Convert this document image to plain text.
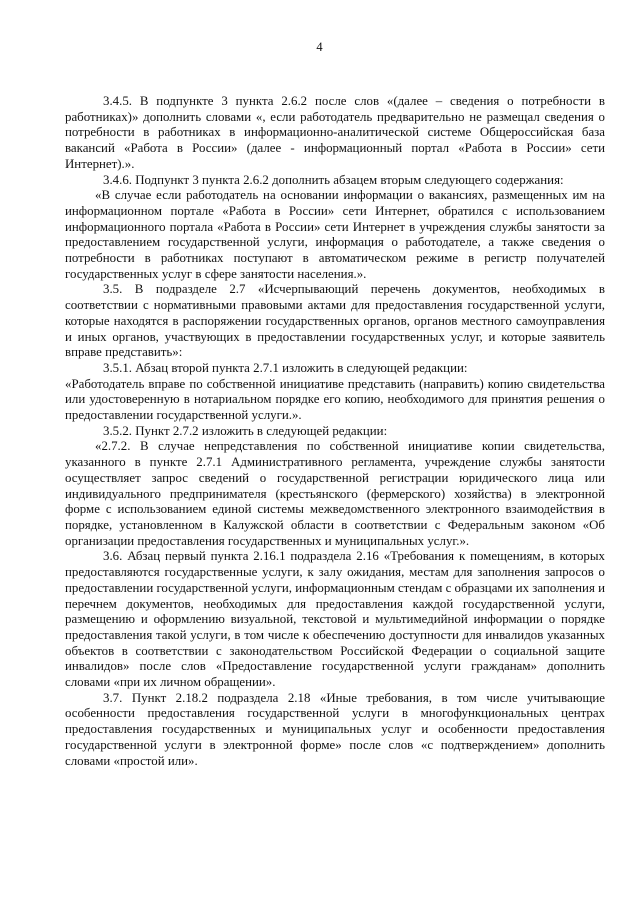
4

3.4.5. В подпункте 3 пункта 2.6.2 после слов «(далее – сведения о потребности в работниках)» дополнить словами «, если работодатель предварительно не размещал сведения о потребности в работниках в информационно-аналитической системе Общероссийская база вакансий «Работа в России» (далее - информационный портал «Работа в России» сети Интернет).».

3.4.6. Подпункт 3 пункта 2.6.2 дополнить абзацем вторым следующего содержания:

«В случае если работодатель на основании информации о вакансиях, размещенных им на информационном портале «Работа в России» сети Интернет, обратился с использованием информационного портала «Работа в России» сети Интернет в учреждения службы занятости за предоставлением государственной услуги, информация о работодателе, а также сведения о потребности в работниках поступают в автоматическом режиме в регистр получателей государственных услуг в сфере занятости населения.».

3.5. В подразделе 2.7 «Исчерпывающий перечень документов, необходимых в соответствии с нормативными правовыми актами для предоставления государственной услуги, которые находятся в распоряжении государственных органов, органов местного самоуправления и иных органов, участвующих в предоставлении государственных услуг, и которые заявитель вправе представить»:

3.5.1. Абзац второй пункта 2.7.1 изложить в следующей редакции:

«Работодатель вправе по собственной инициативе представить (направить) копию свидетельства или удостоверенную в нотариальном порядке его копию, необходимого для принятия решения о предоставлении государственной услуги.».

3.5.2. Пункт 2.7.2 изложить в следующей редакции:

«2.7.2. В случае непредставления по собственной инициативе копии свидетельства, указанного в пункте 2.7.1 Административного регламента, учреждение службы занятости осуществляет запрос сведений о государственной регистрации юридического лица или индивидуального предпринимателя (крестьянского (фермерского) хозяйства) в электронной форме с использованием единой системы межведомственного электронного взаимодействия в порядке, установленном в Калужской области в соответствии с Федеральным законом «Об организации предоставления государственных и муниципальных услуг.».

3.6. Абзац первый пункта 2.16.1 подраздела 2.16 «Требования к помещениям, в которых предоставляются государственные услуги, к залу ожидания, местам для заполнения запросов о предоставлении государственной услуги, информационным стендам с образцами их заполнения и перечнем документов, необходимых для предоставления каждой государственной услуги, размещению и оформлению визуальной, текстовой и мультимедийной информации о порядке предоставления такой услуги, в том числе к обеспечению доступности для инвалидов указанных объектов в соответствии с законодательством Российской Федерации о социальной защите инвалидов» после слов «Предоставление государственной услуги гражданам» дополнить словами «при их личном обращении».

3.7. Пункт 2.18.2 подраздела 2.18 «Иные требования, в том числе учитывающие особенности предоставления государственной услуги в многофункциональных центрах предоставления государственных и муниципальных услуг и особенности предоставления государственной услуги в электронной форме» после слов «с подтверждением» дополнить словами «простой или».
